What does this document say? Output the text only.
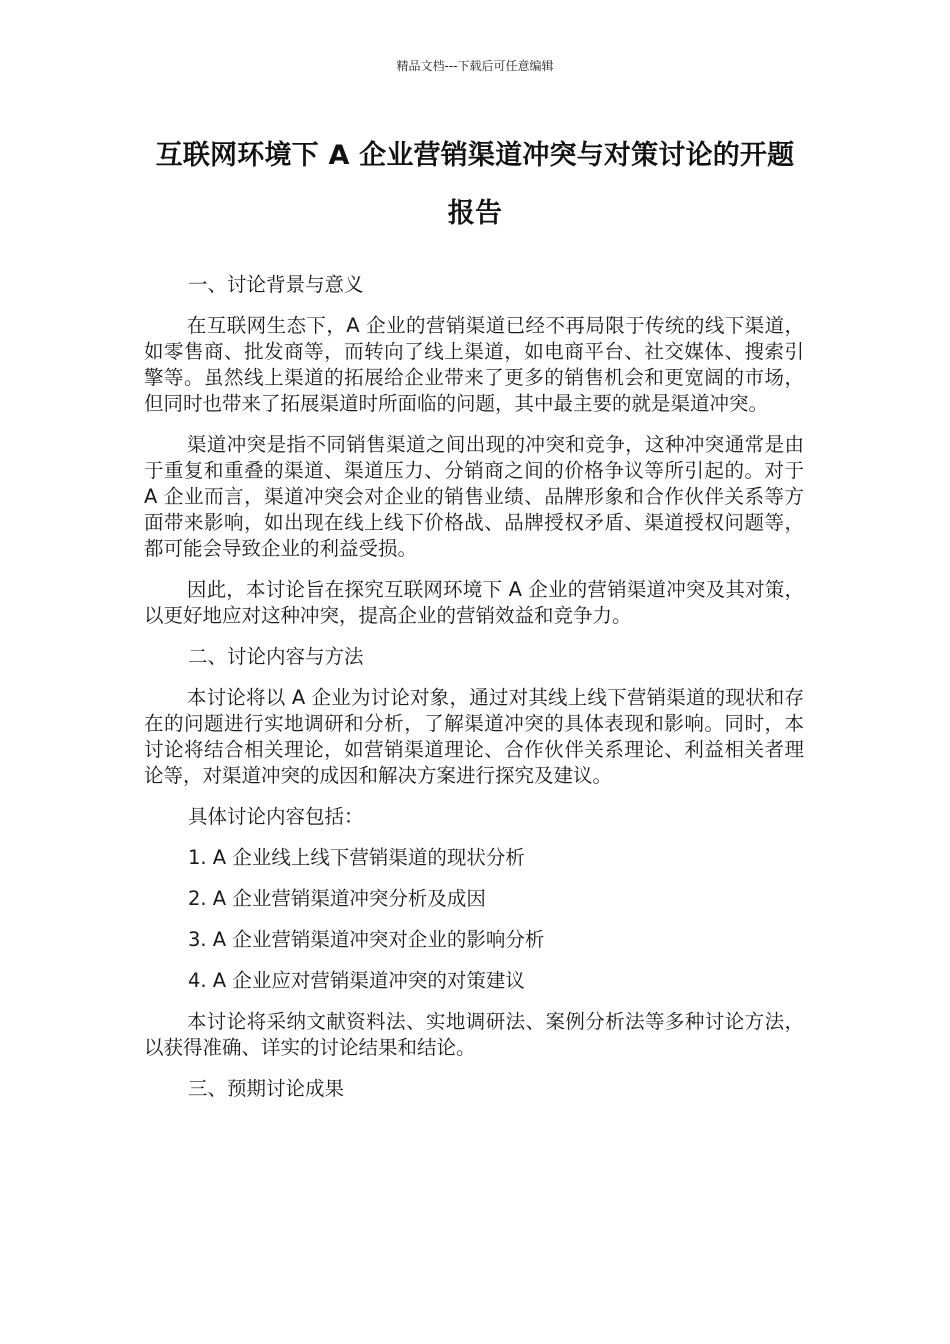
精品文档---下载后可任意编辑
互联网环境下 A 企业营销渠道冲突与对策讨论的开题
报告

一、讨论背景与意义

在互联网生态下，A 企业的营销渠道已经不再局限于传统的线下渠道，如零售商、批发商等，而转向了线上渠道，如电商平台、社交媒体、搜索引擎等。虽然线上渠道的拓展给企业带来了更多的销售机会和更宽阔的市场，但同时也带来了拓展渠道时所面临的问题，其中最主要的就是渠道冲突。

渠道冲突是指不同销售渠道之间出现的冲突和竞争，这种冲突通常是由于重复和重叠的渠道、渠道压力、分销商之间的价格争议等所引起的。对于 A 企业而言，渠道冲突会对企业的销售业绩、品牌形象和合作伙伴关系等方面带来影响，如出现在线上线下价格战、品牌授权矛盾、渠道授权问题等，都可能会导致企业的利益受损。

因此，本讨论旨在探究互联网环境下 A 企业的营销渠道冲突及其对策，以更好地应对这种冲突，提高企业的营销效益和竞争力。

二、讨论内容与方法

本讨论将以 A 企业为讨论对象，通过对其线上线下营销渠道的现状和存在的问题进行实地调研和分析，了解渠道冲突的具体表现和影响。同时，本讨论将结合相关理论，如营销渠道理论、合作伙伴关系理论、利益相关者理论等，对渠道冲突的成因和解决方案进行探究及建议。

具体讨论内容包括：

1. A 企业线上线下营销渠道的现状分析

2. A 企业营销渠道冲突分析及成因

3. A 企业营销渠道冲突对企业的影响分析

4. A 企业应对营销渠道冲突的对策建议

本讨论将采纳文献资料法、实地调研法、案例分析法等多种讨论方法，以获得准确、详实的讨论结果和结论。

三、预期讨论成果
